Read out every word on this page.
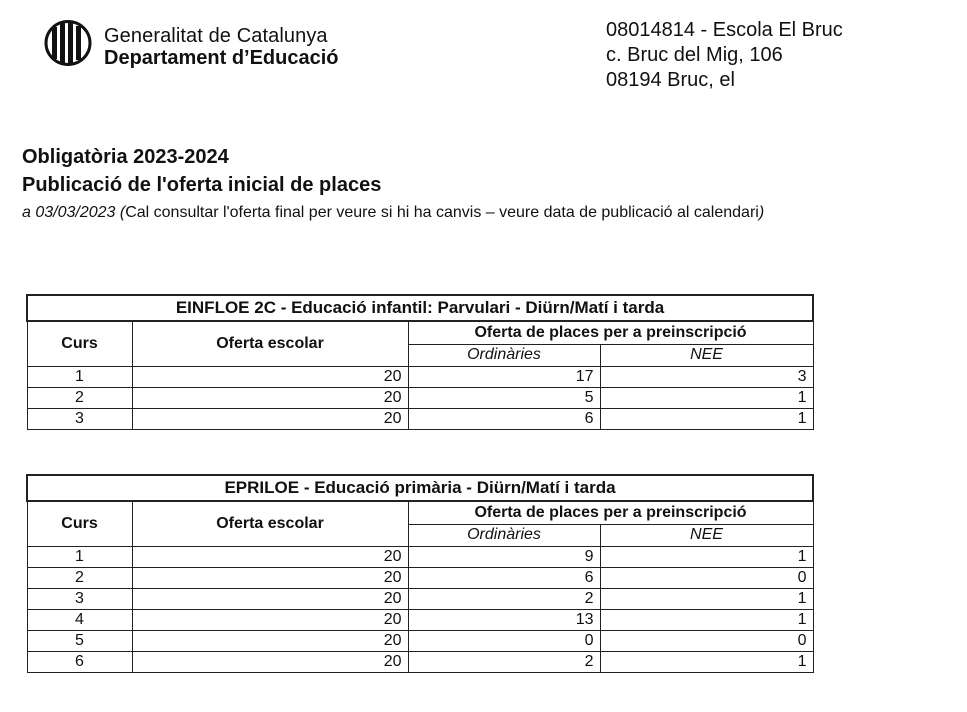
Generalitat de Catalunya
Departament d’Educació
08014814 - Escola El Bruc
c. Bruc del Mig, 106
08194 Bruc, el
Obligatòria 2023-2024
Publicació de l'oferta inicial de places
a 03/03/2023 (Cal consultar l'oferta final per veure si hi ha canvis – veure data de publicació al calendari)
EINFLOE 2C - Educació infantil: Parvulari - Diürn/Matí i tarda			
Curs	Oferta escolar	Oferta de places per a preinscripció	
		Ordinàries	NEE
1	20	17	3
2	20	5	1
3	20	6	1
EPRILOE - Educació primària - Diürn/Matí i tarda			
Curs	Oferta escolar	Oferta de places per a preinscripció	
		Ordinàries	NEE
1	20	9	1
2	20	6	0
3	20	2	1
4	20	13	1
5	20	0	0
6	20	2	1
